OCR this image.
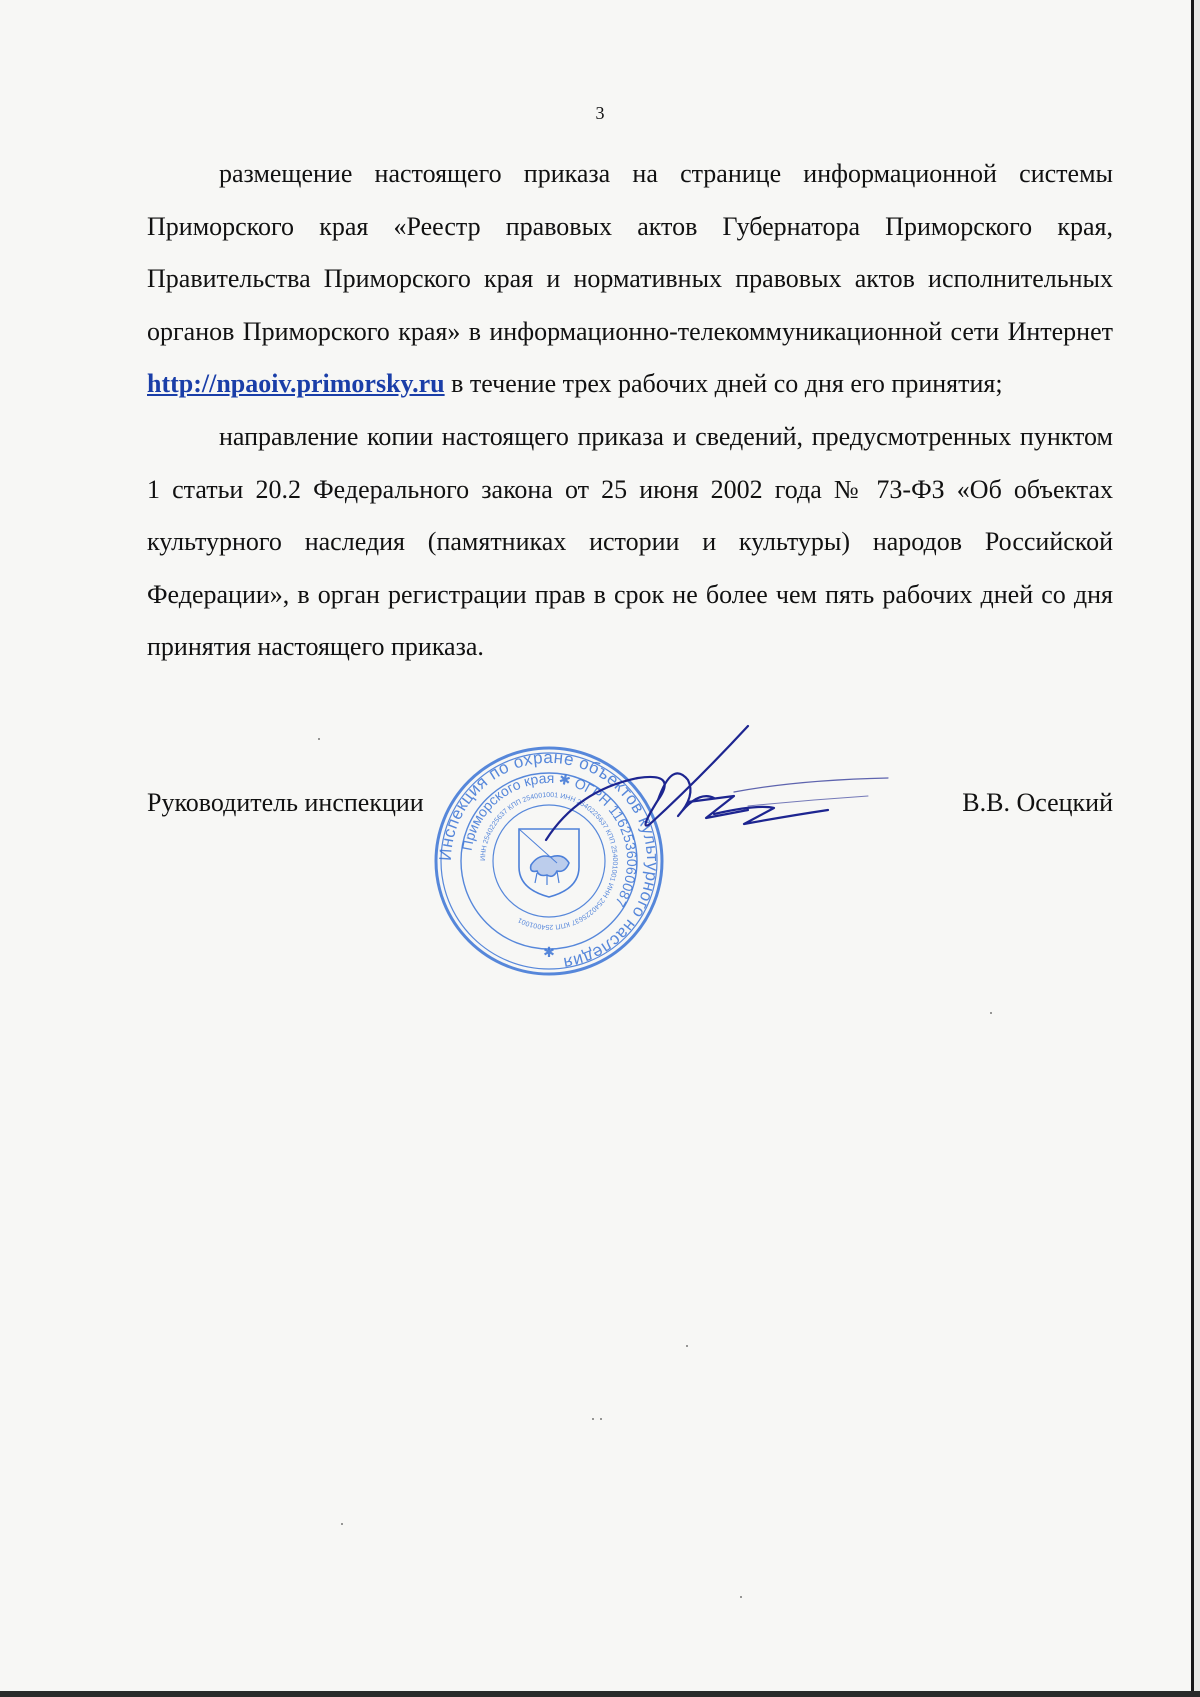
3

размещение настоящего приказа на странице информационной системы Приморского края «Реестр правовых актов Губернатора Приморского края, Правительства Приморского края и нормативных правовых актов исполнительных органов Приморского края» в информационно-телекоммуникационной сети Интернет http://npaoiv.primorsky.ru в течение трех рабочих дней со дня его принятия;

направление копии настоящего приказа и сведений, предусмотренных пунктом 1 статьи 20.2 Федерального закона от 25 июня 2002 года № 73-ФЗ «Об объектах культурного наследия (памятниках истории и культуры) народов Российской Федерации», в орган регистрации прав в срок не более чем пять рабочих дней со дня принятия настоящего приказа.

Руководитель инспекции	В.В. Осецкий
Инспекция по охране объектов культурного наследия
Приморского края ✱ ОГРН 1162536060087
ИНН 2540225637 КПП 254001001 ИНН 2540225637 КПП 254001001 ИНН 2540225637 КПП 254001001
✱
